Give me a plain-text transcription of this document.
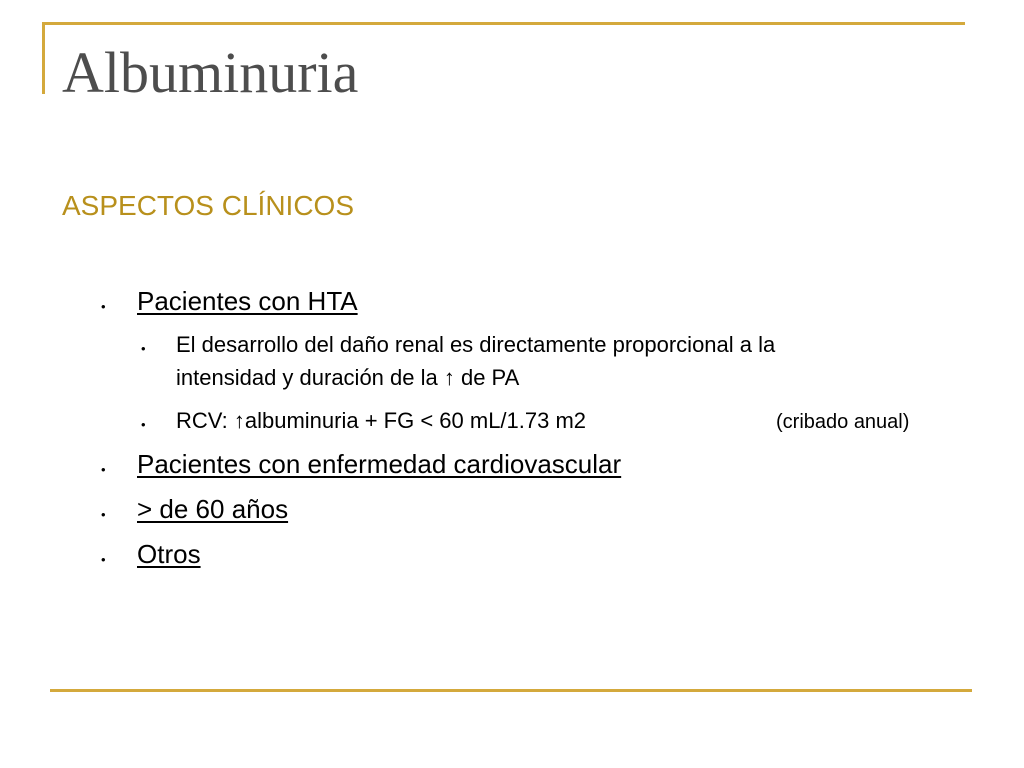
Albuminuria
ASPECTOS CLÍNICOS
• Pacientes con HTA
• El desarrollo del daño renal es directamente proporcional a la
intensidad y duración de la ↑ de PA
• RCV: ↑albuminuria + FG < 60 mL/1.73 m2	(cribado anual)
• Pacientes con enfermedad cardiovascular
• > de 60 años
• Otros
